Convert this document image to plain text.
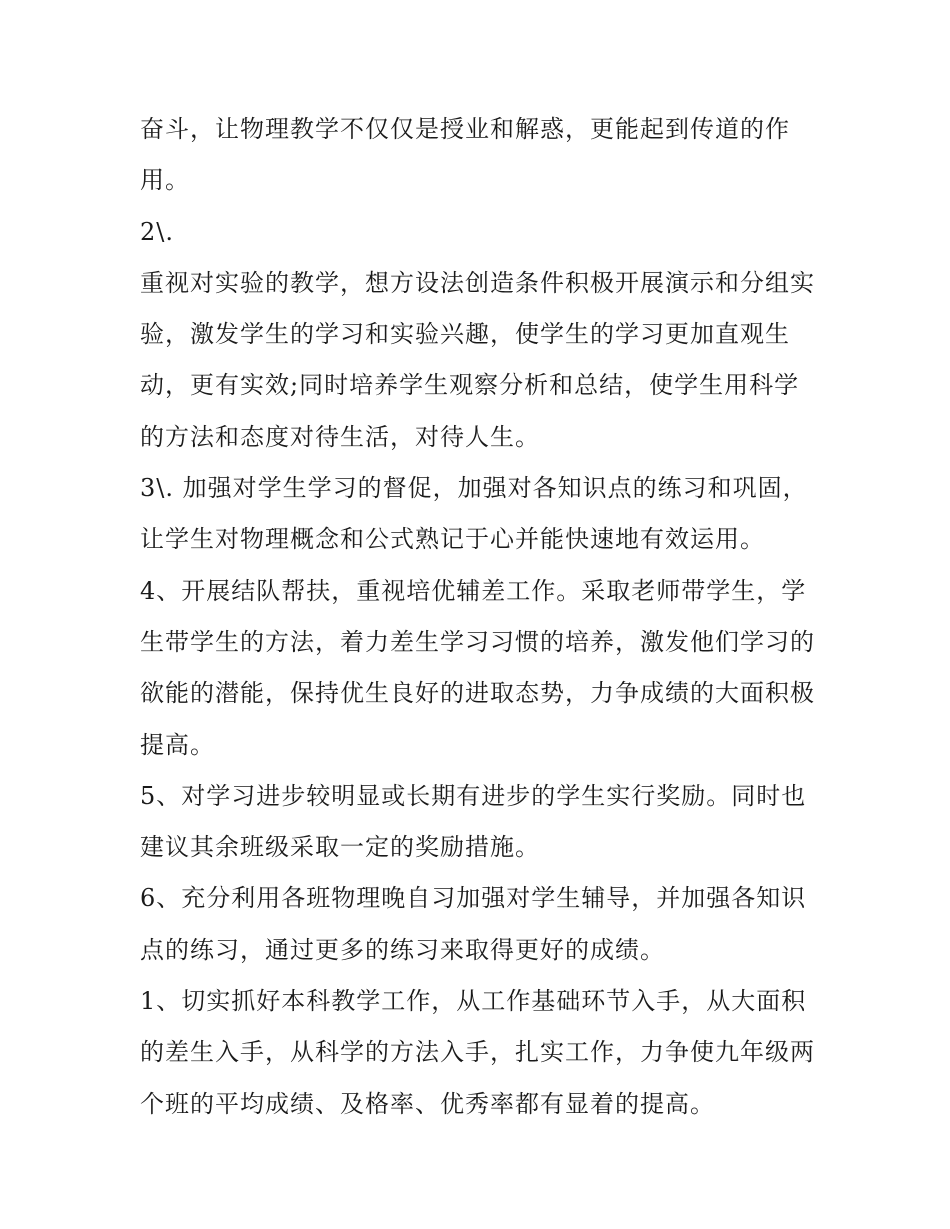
奋斗，让物理教学不仅仅是授业和解惑，更能起到传道的作
用。
2\.
重视对实验的教学，想方设法创造条件积极开展演示和分组实
验，激发学生的学习和实验兴趣，使学生的学习更加直观生
动，更有实效;同时培养学生观察分析和总结，使学生用科学
的方法和态度对待生活，对待人生。
3\. 加强对学生学习的督促，加强对各知识点的练习和巩固，
让学生对物理概念和公式熟记于心并能快速地有效运用。
4、开展结队帮扶，重视培优辅差工作。采取老师带学生，学
生带学生的方法，着力差生学习习惯的培养，激发他们学习的
欲能的潜能，保持优生良好的进取态势，力争成绩的大面积极
提高。
5、对学习进步较明显或长期有进步的学生实行奖励。同时也
建议其余班级采取一定的奖励措施。
6、充分利用各班物理晚自习加强对学生辅导，并加强各知识
点的练习，通过更多的练习来取得更好的成绩。
1、切实抓好本科教学工作，从工作基础环节入手，从大面积
的差生入手，从科学的方法入手，扎实工作，力争使九年级两
个班的平均成绩、及格率、优秀率都有显着的提高。
